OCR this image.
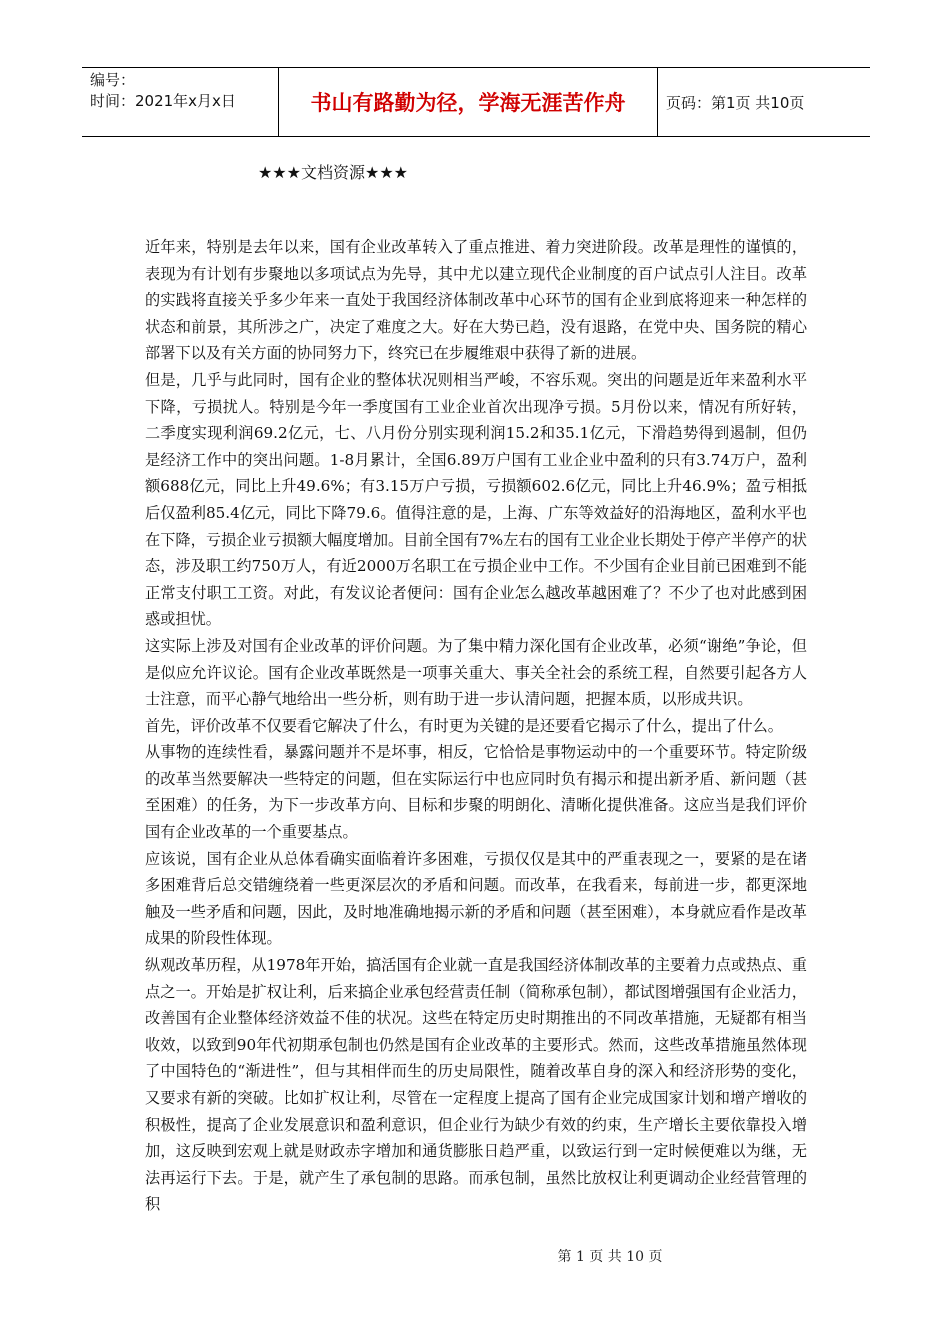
编号：
时间：2021年x月x日	书山有路勤为径，学海无涯苦作舟	页码：第1页 共10页
★★★文档资源★★★

近年来，特别是去年以来，国有企业改革转入了重点推进、着力突进阶段。改革是理性的谨慎的，表现为有计划有步聚地以多项试点为先导，其中尤以建立现代企业制度的百户试点引人注目。改革的实践将直接关乎多少年来一直处于我国经济体制改革中心环节的国有企业到底将迎来一种怎样的状态和前景，其所涉之广，决定了难度之大。好在大势已趋，没有退路，在党中央、国务院的精心部署下以及有关方面的协同努力下，终究已在步履维艰中获得了新的进展。

但是，几乎与此同时，国有企业的整体状况则相当严峻，不容乐观。突出的问题是近年来盈利水平下降，亏损扰人。特别是今年一季度国有工业企业首次出现净亏损。5月份以来，情况有所好转，二季度实现利润69.2亿元，七、八月份分别实现利润15.2和35.1亿元，下滑趋势得到遏制，但仍是经济工作中的突出问题。1-8月累计，全国6.89万户国有工业企业中盈利的只有3.74万户，盈利额688亿元，同比上升49.6%；有3.15万户亏损，亏损额602.6亿元，同比上升46.9%；盈亏相抵后仅盈利85.4亿元，同比下降79.6。值得注意的是，上海、广东等效益好的沿海地区，盈利水平也在下降，亏损企业亏损额大幅度增加。目前全国有7%左右的国有工业企业长期处于停产半停产的状态，涉及职工约750万人，有近2000万名职工在亏损企业中工作。不少国有企业目前已困难到不能正常支付职工工资。对此，有发议论者便问：国有企业怎么越改革越困难了？不少了也对此感到困惑或担忧。

这实际上涉及对国有企业改革的评价问题。为了集中精力深化国有企业改革，必须“谢绝”争论，但是似应允许议论。国有企业改革既然是一项事关重大、事关全社会的系统工程，自然要引起各方人士注意，而平心静气地给出一些分析，则有助于进一步认清问题，把握本质，以形成共识。

首先，评价改革不仅要看它解决了什么，有时更为关键的是还要看它揭示了什么，提出了什么。

从事物的连续性看，暴露问题并不是坏事，相反，它恰恰是事物运动中的一个重要环节。特定阶级的改革当然要解决一些特定的问题，但在实际运行中也应同时负有揭示和提出新矛盾、新问题（甚至困难）的任务，为下一步改革方向、目标和步聚的明朗化、清晰化提供准备。这应当是我们评价国有企业改革的一个重要基点。

应该说，国有企业从总体看确实面临着许多困难，亏损仅仅是其中的严重表现之一，要紧的是在诸多困难背后总交错缠绕着一些更深层次的矛盾和问题。而改革，在我看来，每前进一步，都更深地触及一些矛盾和问题，因此，及时地准确地揭示新的矛盾和问题（甚至困难），本身就应看作是改革成果的阶段性体现。

纵观改革历程，从1978年开始，搞活国有企业就一直是我国经济体制改革的主要着力点或热点、重点之一。开始是扩权让利，后来搞企业承包经营责任制（简称承包制），都试图增强国有企业活力，改善国有企业整体经济效益不佳的状况。这些在特定历史时期推出的不同改革措施，无疑都有相当收效，以致到90年代初期承包制也仍然是国有企业改革的主要形式。然而，这些改革措施虽然体现了中国特色的“渐进性”，但与其相伴而生的历史局限性，随着改革自身的深入和经济形势的变化，又要求有新的突破。比如扩权让利，尽管在一定程度上提高了国有企业完成国家计划和增产增收的积极性，提高了企业发展意识和盈利意识，但企业行为缺少有效的约束，生产增长主要依靠投入增加，这反映到宏观上就是财政赤字增加和通货膨胀日趋严重，以致运行到一定时候便难以为继，无法再运行下去。于是，就产生了承包制的思路。而承包制，虽然比放权让利更调动企业经营管理的积

第 1 页 共 10 页
